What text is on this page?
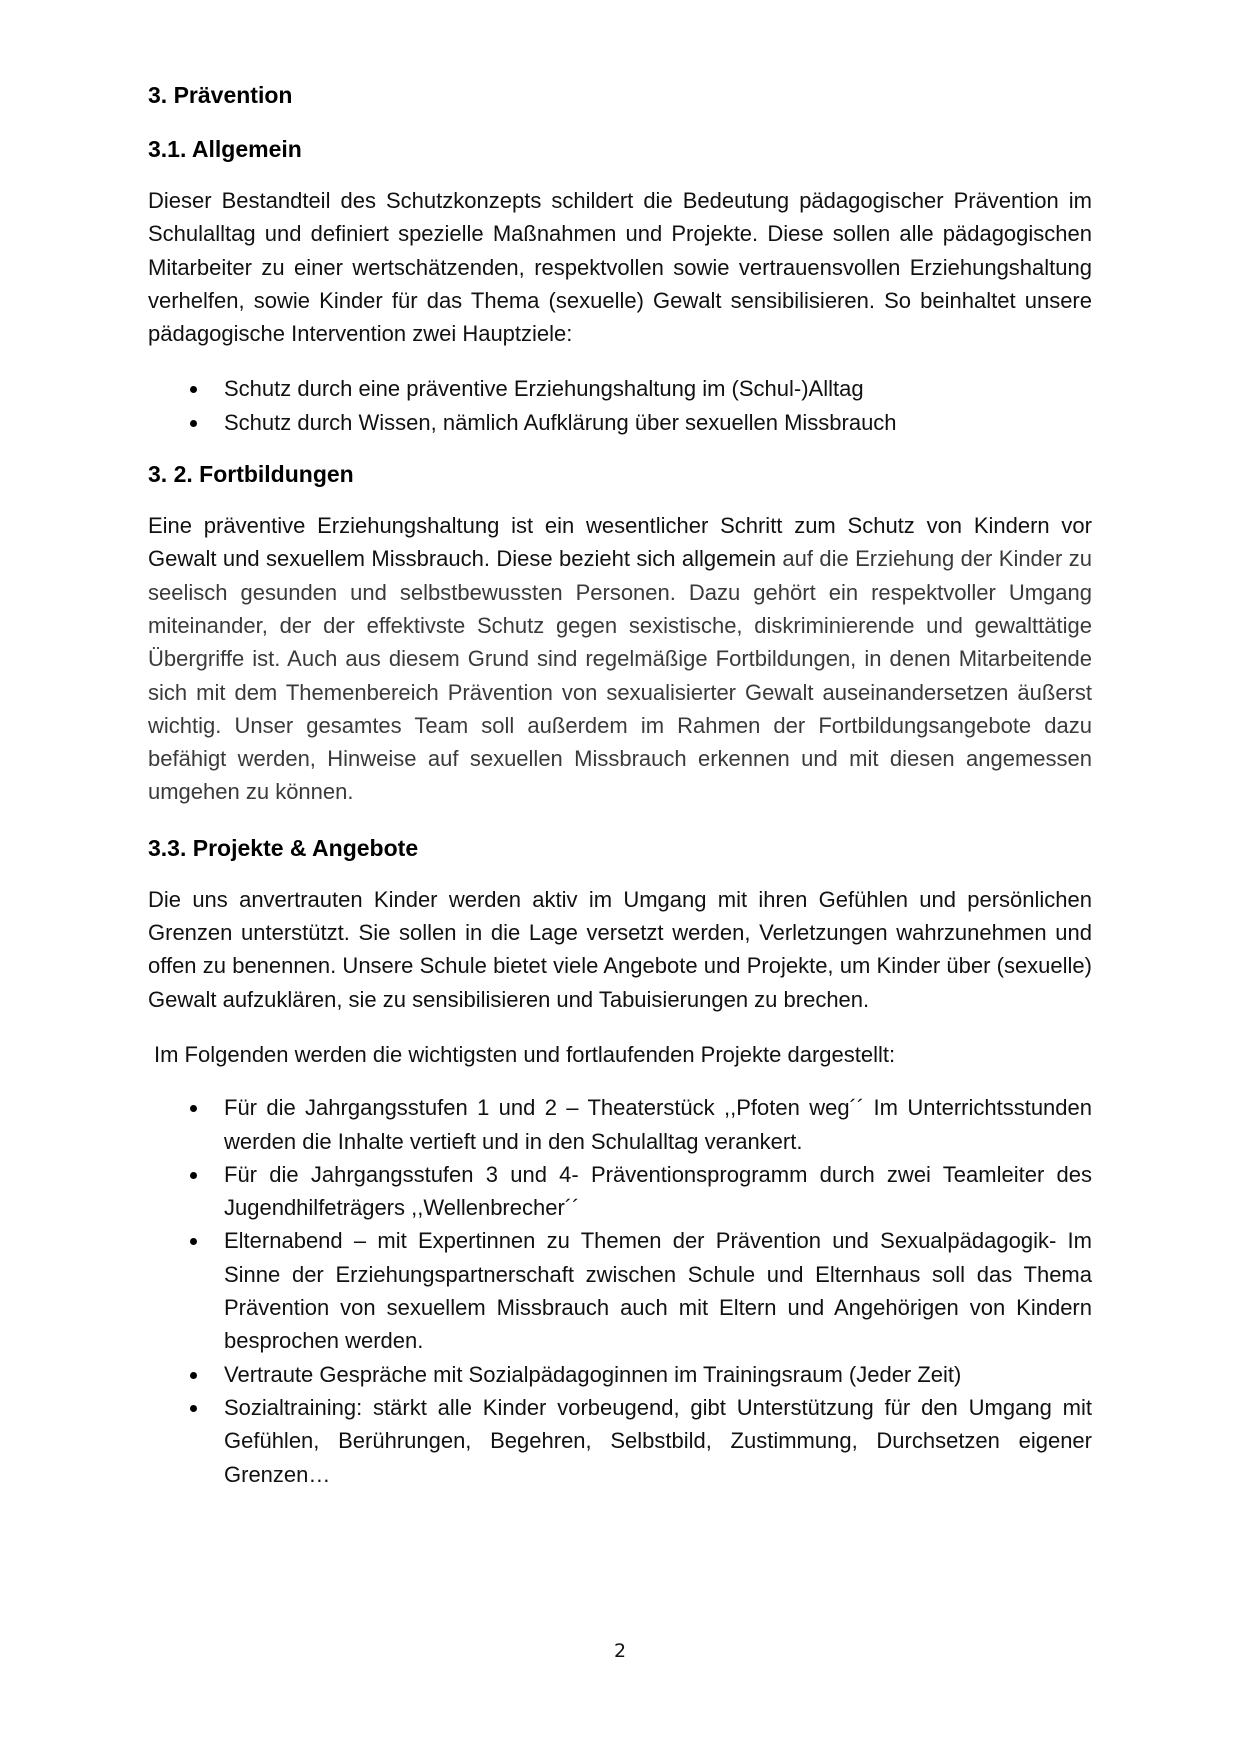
3. Prävention
3.1. Allgemein

Dieser Bestandteil des Schutzkonzepts schildert die Bedeutung pädagogischer Prävention im Schulalltag und definiert spezielle Maßnahmen und Projekte. Diese sollen alle pädagogischen Mitarbeiter zu einer wertschätzenden, respektvollen sowie vertrauensvollen Erziehungshaltung verhelfen, sowie Kinder für das Thema (sexuelle) Gewalt sensibilisieren. So beinhaltet unsere pädagogische Intervention zwei Hauptziele:

Schutz durch eine präventive Erziehungshaltung im (Schul-)Alltag
Schutz durch Wissen, nämlich Aufklärung über sexuellen Missbrauch
3. 2. Fortbildungen

Eine präventive Erziehungshaltung ist ein wesentlicher Schritt zum Schutz von Kindern vor Gewalt und sexuellem Missbrauch. Diese bezieht sich allgemein auf die Erziehung der Kinder zu seelisch gesunden und selbstbewussten Personen. Dazu gehört ein respektvoller Umgang miteinander, der der effektivste Schutz gegen sexistische, diskriminierende und gewalttätige Übergriffe ist. Auch aus diesem Grund sind regelmäßige Fortbildungen, in denen Mitarbeitende sich mit dem Themenbereich Prävention von sexualisierter Gewalt auseinandersetzen äußerst wichtig. Unser gesamtes Team soll außerdem im Rahmen der Fortbildungsangebote dazu befähigt werden, Hinweise auf sexuellen Missbrauch erkennen und mit diesen angemessen umgehen zu können.

3.3. Projekte & Angebote

Die uns anvertrauten Kinder werden aktiv im Umgang mit ihren Gefühlen und persönlichen Grenzen unterstützt. Sie sollen in die Lage versetzt werden, Verletzungen wahrzunehmen und offen zu benennen. Unsere Schule bietet viele Angebote und Projekte, um Kinder über (sexuelle) Gewalt aufzuklären, sie zu sensibilisieren und Tabuisierungen zu brechen.

Im Folgenden werden die wichtigsten und fortlaufenden Projekte dargestellt:

Für die Jahrgangsstufen 1 und 2 – Theaterstück ,,Pfoten weg´´ Im Unterrichtsstunden werden die Inhalte vertieft und in den Schulalltag verankert.
Für die Jahrgangsstufen 3 und 4- Präventionsprogramm durch zwei Teamleiter des Jugendhilfeträgers ,,Wellenbrecher´´
Elternabend – mit Expertinnen zu Themen der Prävention und Sexualpädagogik- Im Sinne der Erziehungspartnerschaft zwischen Schule und Elternhaus soll das Thema Prävention von sexuellem Missbrauch auch mit Eltern und Angehörigen von Kindern besprochen werden.
Vertraute Gespräche mit Sozialpädagoginnen im Trainingsraum (Jeder Zeit)
Sozialtraining: stärkt alle Kinder vorbeugend, gibt Unterstützung für den Umgang mit Gefühlen, Berührungen, Begehren, Selbstbild, Zustimmung, Durchsetzen eigener Grenzen…
2
